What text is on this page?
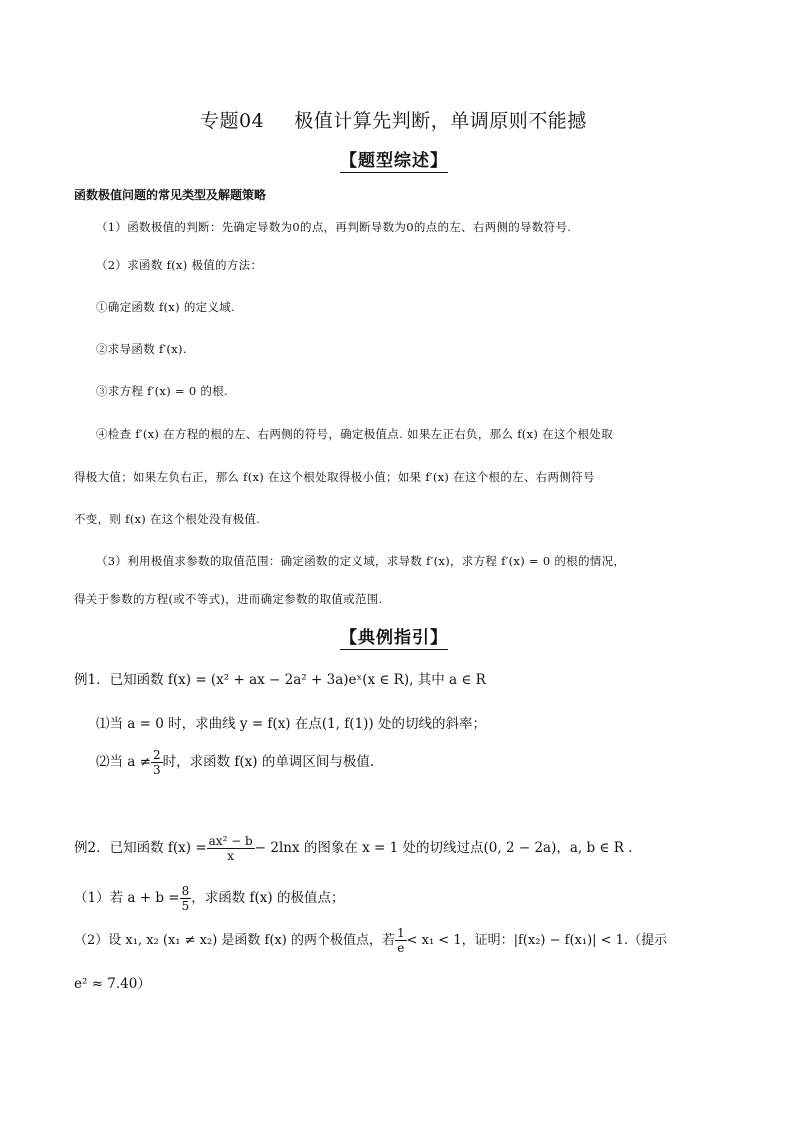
专题04 极值计算先判断，单调原则不能撼
【题型综述】
函数极值问题的常见类型及解题策略
（1）函数极值的判断：先确定导数为0的点，再判断导数为0的点的左、右两侧的导数符号.
（2）求函数 f(x) 极值的方法：
①确定函数 f(x) 的定义域.
②求导函数 f′(x).
③求方程 f′(x) = 0 的根.
④检查 f′(x) 在方程的根的左、右两侧的符号，确定极值点. 如果左正右负，那么 f(x) 在这个根处取
得极大值；如果左负右正，那么 f(x) 在这个根处取得极小值；如果 f′(x) 在这个根的左、右两侧符号
不变，则 f(x) 在这个根处没有极值.
（3）利用极值求参数的取值范围：确定函数的定义域，求导数 f′(x)，求方程 f′(x) = 0 的根的情况，
得关于参数的方程(或不等式)，进而确定参数的取值或范围.
【典例指引】
例1．已知函数 f(x) = (x² + ax − 2a² + 3a)eˣ(x ∈ R), 其中 a ∈ R
⑴当 a = 0 时，求曲线 y = f(x) 在点(1, f(1)) 处的切线的斜率；
⑵当 $a \ne \frac{2}{3}$ 时，求函数 f(x) 的单调区间与极值.
例2．已知函数 $f(x) = \frac{\text{ax² − b}}{x} - 2\ln x$ 的图象在 x = 1 处的切线过点(0, 2 − 2a)，a, b ∈ R .
（1）若 $a + b = \frac{8}{5}$ ，求函数 f(x) 的极值点；
（2）设 x₁, x₂ (x₁ ≠ x₂) 是函数 f(x) 的两个极值点，若 $\frac{1}{e} < x_1 < 1$，证明：|f(x₂) − f(x₁)| < 1.（提示
e² ≈ 7.40）
